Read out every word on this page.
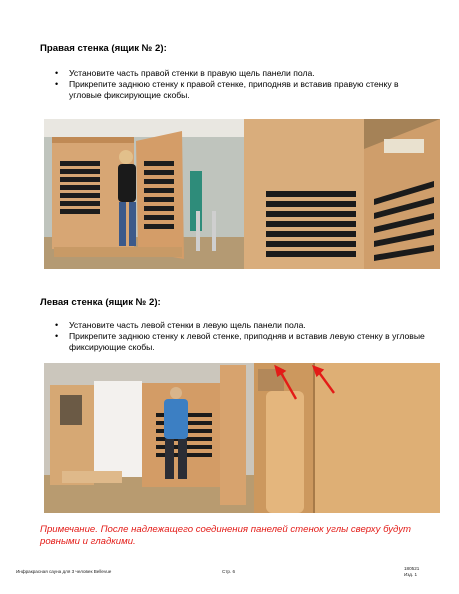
Правая стенка (ящик № 2):
• Установите часть правой стенки в правую щель панели пола.
• Прикрепите заднюю стенку к правой стенке, приподняв и вставив правую стенку в угловые фиксирующие скобы.
Левая стенка (ящик № 2):
• Установите часть левой стенки в левую щель панели пола.
• Прикрепите заднюю стенку к левой стенке, приподняв и вставив левую стенку в угловые фиксирующие скобы.
Примечание. После надлежащего соединения панелей стенок углы сверху будут ровными и гладкими.
Инфракрасная сауна для 3 человек Bellevue	Стр. 6
180521
Изд. 1
